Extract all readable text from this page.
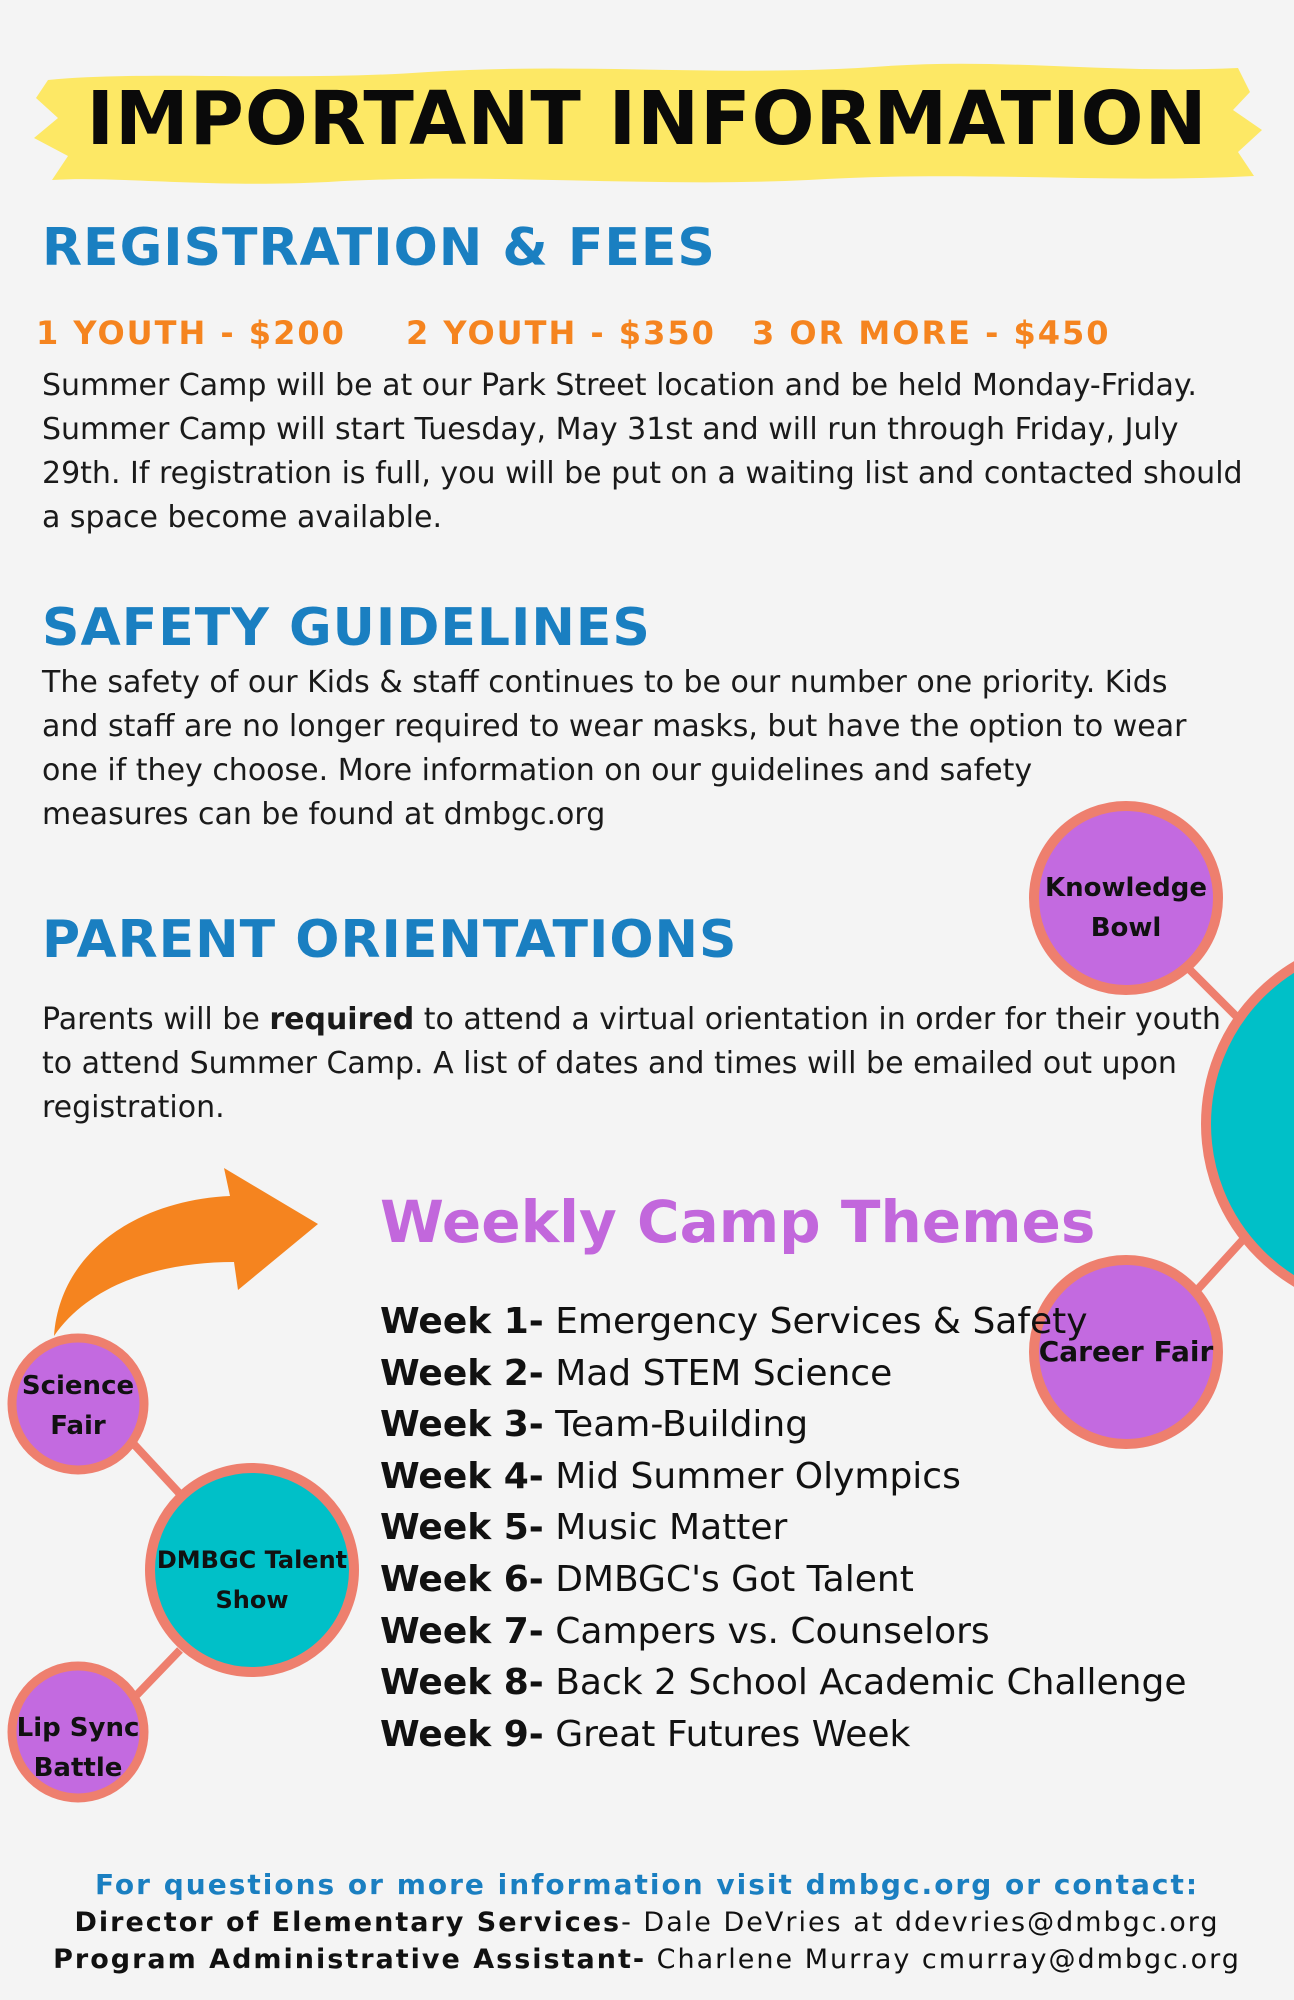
IMPORTANT INFORMATION
REGISTRATION & FEES
1 YOUTH - $200 2 YOUTH - $350 3 OR MORE - $450
Summer Camp will be at our Park Street location and be held Monday-Friday.
Summer Camp will start Tuesday, May 31st and will run through Friday, July
29th. If registration is full, you will be put on a waiting list and contacted should
a space become available.
SAFETY GUIDELINES
The safety of our Kids & staff continues to be our number one priority. Kids
and staff are no longer required to wear masks, but have the option to wear
one if they choose. More information on our guidelines and safety
measures can be found at dmbgc.org
PARENT ORIENTATIONS
Parents will be required to attend a virtual orientation in order for their youth
to attend Summer Camp. A list of dates and times will be emailed out upon
registration.
Knowledge
Bowl
Career Fair
Science
Fair
DMBGC Talent
Show
Lip Sync
Battle
Weekly Camp Themes
Week 1- Emergency Services & Safety
Week 2- Mad STEM Science
Week 3- Team-Building
Week 4- Mid Summer Olympics
Week 5- Music Matter
Week 6- DMBGC's Got Talent
Week 7- Campers vs. Counselors
Week 8- Back 2 School Academic Challenge
Week 9- Great Futures Week
For questions or more information visit dmbgc.org or contact:
Director of Elementary Services- Dale DeVries at ddevries@dmbgc.org
Program Administrative Assistant- Charlene Murray cmurray@dmbgc.org
